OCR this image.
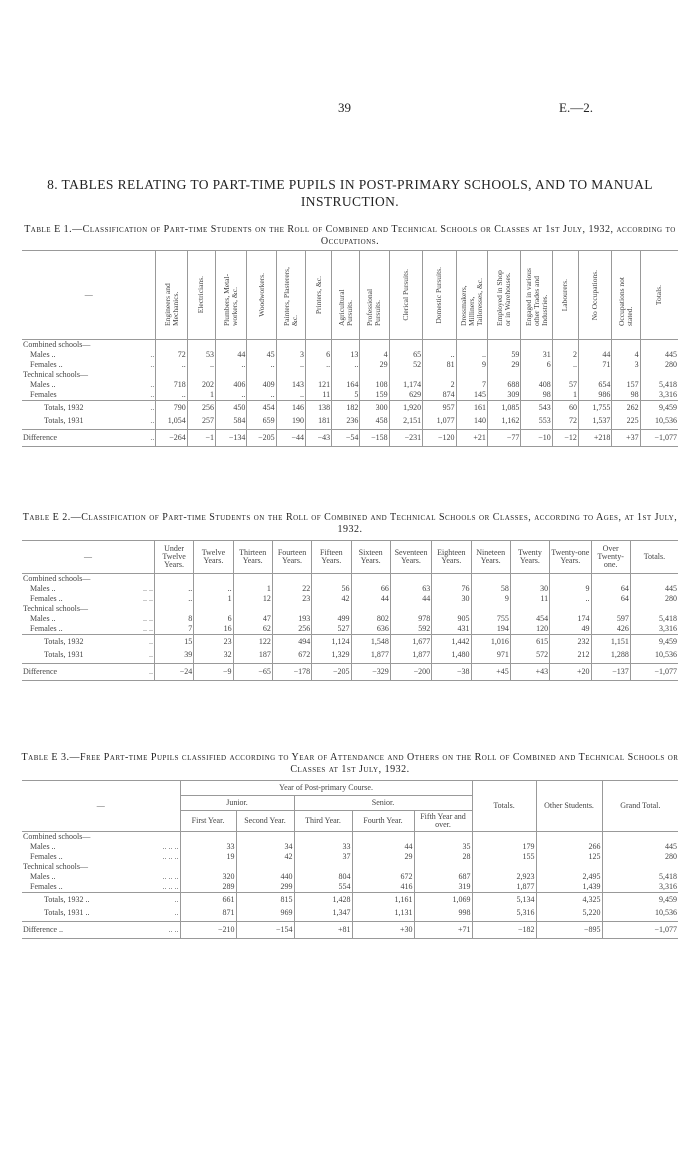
39	E.—2.
8. TABLES RELATING TO PART-TIME PUPILS IN POST-PRIMARY SCHOOLS, AND TO MANUAL INSTRUCTION.
Table E 1.—Classification of Part-time Students on the Roll of Combined and Technical Schools or Classes at 1st July, 1932, according to Occupations.
—	Engineers and Mechanics.	Electricians.	Plumbers, Metal-workers, &c.	Woodworkers.	Painters, Plasterers, &c.	Printers, &c.	Agricultural Pursuits.	Professional Pursuits.	Clerical Pursuits.	Domestic Pursuits.	Dressmakers, Milliners, Tailoresses, &c.	Employed in Shop or in Warehouses.	Engaged in various other Trades and Industries.	Labourers.	No Occupations.	Occupations not stated.	Totals.

Combined schools—																	
Males .. ..	72	53	44	45	3	6	13	4	65	..	..	59	31	2	44	4	445
Females .. ..	..	..	..	..	..	..	..	29	52	81	9	29	6	..	71	3	280
Technical schools—																	
Males .. ..	718	202	406	409	143	121	164	108	1,174	2	7	688	408	57	654	157	5,418
Females ..	..	1	..	..	..	11	5	159	629	874	145	309	98	1	986	98	3,316
Totals, 1932 ..	790	256	450	454	146	138	182	300	1,920	957	161	1,085	543	60	1,755	262	9,459
Totals, 1931 ..	1,054	257	584	659	190	181	236	458	2,151	1,077	140	1,162	553	72	1,537	225	10,536
Difference ..	−264	−1	−134	−205	−44	−43	−54	−158	−231	−120	+21	−77	−10	−12	+218	+37	−1,077
Table E 2.—Classification of Part-time Students on the Roll of Combined and Technical Schools or Classes, according to Ages, at 1st July, 1932.
—	Under Twelve Years.	Twelve Years.	Thirteen Years.	Fourteen Years.	Fifteen Years.	Sixteen Years.	Seventeen Years.	Eighteen Years.	Nineteen Years.	Twenty Years.	Twenty-one Years.	Over Twenty-one.	Totals.
Combined schools—													
Males .. .. ..	..	..	1	22	56	66	63	76	58	30	9	64	445
Females .. .. ..	..	1	12	23	42	44	44	30	9	11	..	64	280
Technical schools—													
Males .. .. ..	8	6	47	193	499	802	978	905	755	454	174	597	5,418
Females .. .. ..	7	16	62	256	527	636	592	431	194	120	49	426	3,316
Totals, 1932 ..	15	23	122	494	1,124	1,548	1,677	1,442	1,016	615	232	1,151	9,459
Totals, 1931 ..	39	32	187	672	1,329	1,877	1,877	1,480	971	572	212	1,288	10,536
Difference ..	−24	−9	−65	−178	−205	−329	−200	−38	+45	+43	+20	−137	−1,077
Table E 3.—Free Part-time Pupils classified according to Year of Attendance and Others on the Roll of Combined and Technical Schools or Classes at 1st July, 1932.
—	Year of Post-primary Course.					Totals.	Other Students.	Grand Total.
	Junior.		Senior.					
	First Year.	Second Year.	Third Year.	Fourth Year.	Fifth Year and over.			
Combined schools—								
Males .. .. .. ..	33	34	33	44	35	179	266	445
Females .. .. .. ..	19	42	37	29	28	155	125	280
Technical schools—								
Males .. .. .. ..	320	440	804	672	687	2,923	2,495	5,418
Females .. .. .. ..	289	299	554	416	319	1,877	1,439	3,316
Totals, 1932 .. ..	661	815	1,428	1,161	1,069	5,134	4,325	9,459
Totals, 1931 .. ..	871	969	1,347	1,131	998	5,316	5,220	10,536
Difference .. .. ..	−210	−154	+81	+30	+71	−182	−895	−1,077
